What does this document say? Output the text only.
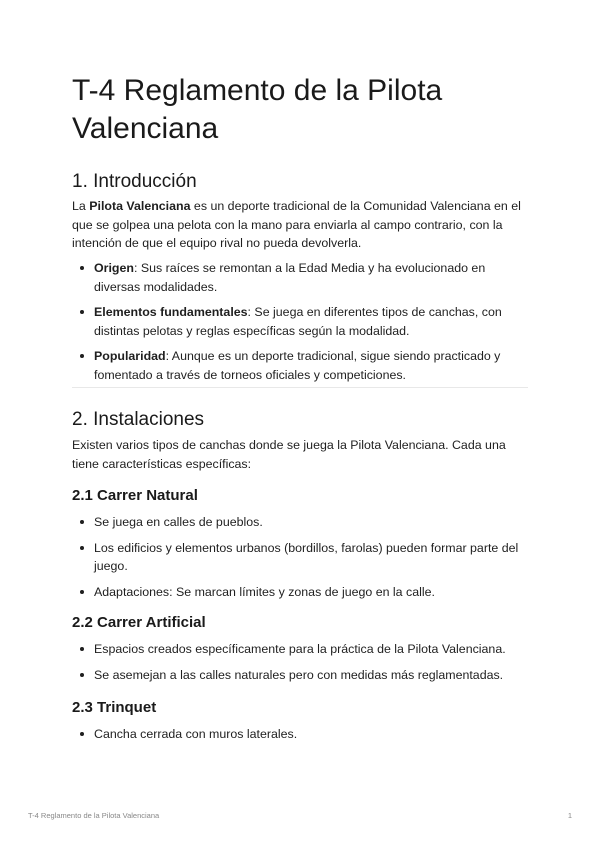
T-4 Reglamento de la Pilota Valenciana
1. Introducción

La Pilota Valenciana es un deporte tradicional de la Comunidad Valenciana en el que se golpea una pelota con la mano para enviarla al campo contrario, con la intención de que el equipo rival no pueda devolverla.

Origen: Sus raíces se remontan a la Edad Media y ha evolucionado en diversas modalidades.
Elementos fundamentales: Se juega en diferentes tipos de canchas, con distintas pelotas y reglas específicas según la modalidad.
Popularidad: Aunque es un deporte tradicional, sigue siendo practicado y fomentado a través de torneos oficiales y competiciones.
2. Instalaciones

Existen varios tipos de canchas donde se juega la Pilota Valenciana. Cada una tiene características específicas:

2.1 Carrer Natural
Se juega en calles de pueblos.
Los edificios y elementos urbanos (bordillos, farolas) pueden formar parte del juego.
Adaptaciones: Se marcan límites y zonas de juego en la calle.
2.2 Carrer Artificial
Espacios creados específicamente para la práctica de la Pilota Valenciana.
Se asemejan a las calles naturales pero con medidas más reglamentadas.
2.3 Trinquet
Cancha cerrada con muros laterales.
T-4 Reglamento de la Pilota Valenciana	1
